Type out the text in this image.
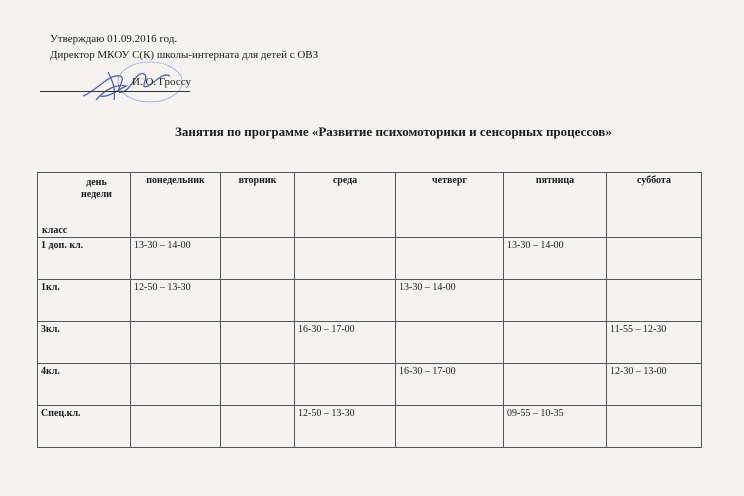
Утверждаю 01.09.2016 год.
Директор МКОУ С(К) школы-интерната для детей с ОВЗ
И. О. Гроссу
Занятия по программе «Развитие психомоторики и сенсорных процессов»
день
недели
класс	понедельник	вторник	среда	четверг	пятница	суббота
1 доп. кл.	13-30 – 14-00				13-30 – 14-00	
1кл.	12-50 – 13-30			13-30 – 14-00		
3кл.			16-30 – 17-00			11-55 – 12-30
4кл.				16-30 – 17-00		12-30 – 13-00
Спец.кл.			12-50 – 13-30		09-55 – 10-35	
